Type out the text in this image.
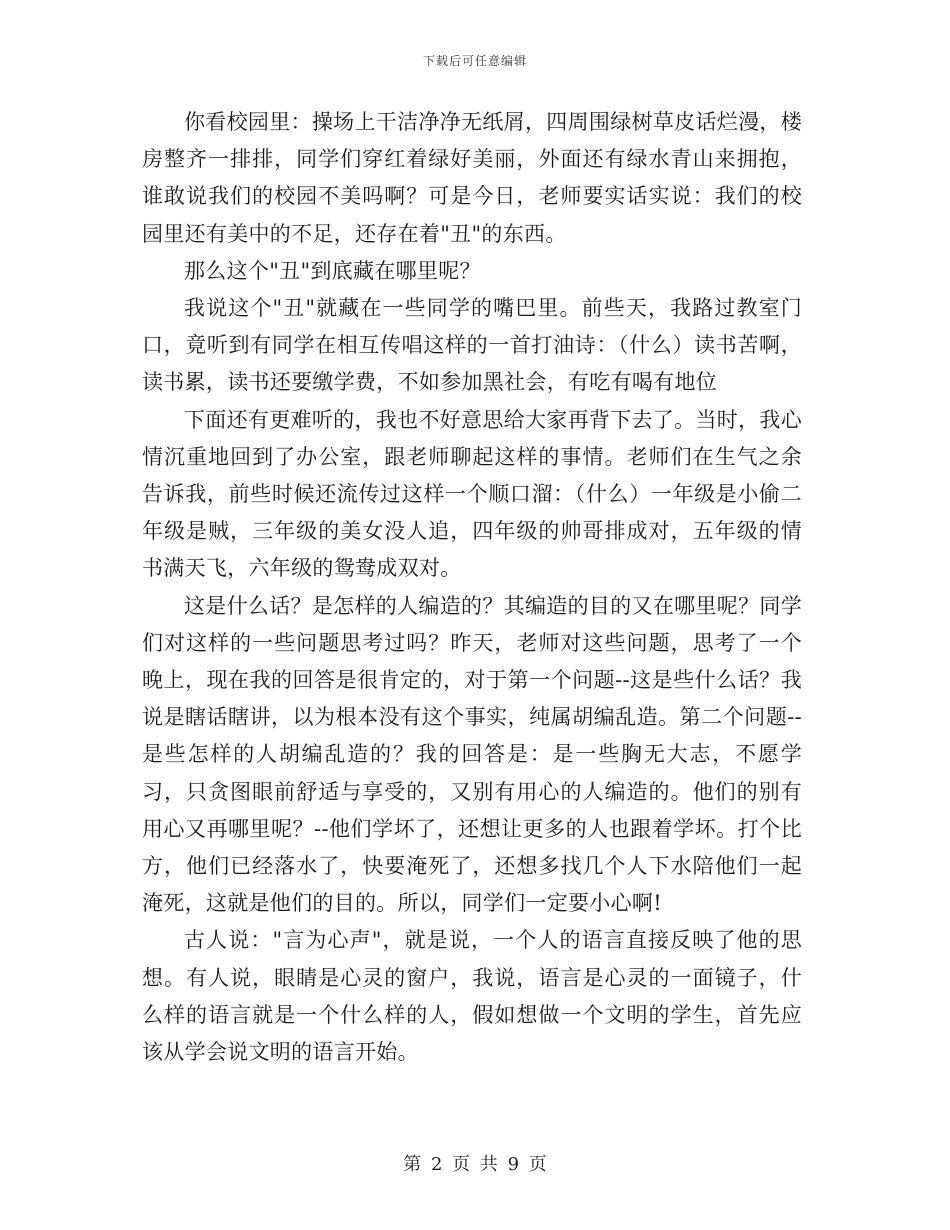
下载后可任意编辑

你看校园里：操场上干洁净净无纸屑，四周围绿树草皮话烂漫，楼房整齐一排排，同学们穿红着绿好美丽，外面还有绿水青山来拥抱，谁敢说我们的校园不美吗啊？可是今日，老师要实话实说：我们的校园里还有美中的不足，还存在着"丑"的东西。

那么这个"丑"到底藏在哪里呢？

我说这个"丑"就藏在一些同学的嘴巴里。前些天，我路过教室门口，竟听到有同学在相互传唱这样的一首打油诗：（什么）读书苦啊，读书累，读书还要缴学费，不如参加黑社会，有吃有喝有地位

下面还有更难听的，我也不好意思给大家再背下去了。当时，我心情沉重地回到了办公室，跟老师聊起这样的事情。老师们在生气之余告诉我，前些时候还流传过这样一个顺口溜：（什么）一年级是小偷二年级是贼，三年级的美女没人追，四年级的帅哥排成对，五年级的情书满天飞，六年级的鸳鸯成双对。

这是什么话？是怎样的人编造的？其编造的目的又在哪里呢？同学们对这样的一些问题思考过吗？昨天，老师对这些问题，思考了一个晚上，现在我的回答是很肯定的，对于第一个问题--这是些什么话？我说是瞎话瞎讲，以为根本没有这个事实，纯属胡编乱造。第二个问题--是些怎样的人胡编乱造的？我的回答是：是一些胸无大志，不愿学习，只贪图眼前舒适与享受的，又别有用心的人编造的。他们的别有用心又再哪里呢？--他们学坏了，还想让更多的人也跟着学坏。打个比方，他们已经落水了，快要淹死了，还想多找几个人下水陪他们一起淹死，这就是他们的目的。所以，同学们一定要小心啊!

古人说："言为心声"，就是说，一个人的语言直接反映了他的思想。有人说，眼睛是心灵的窗户，我说，语言是心灵的一面镜子，什么样的语言就是一个什么样的人，假如想做一个文明的学生，首先应该从学会说文明的语言开始。

第 2 页 共 9 页
